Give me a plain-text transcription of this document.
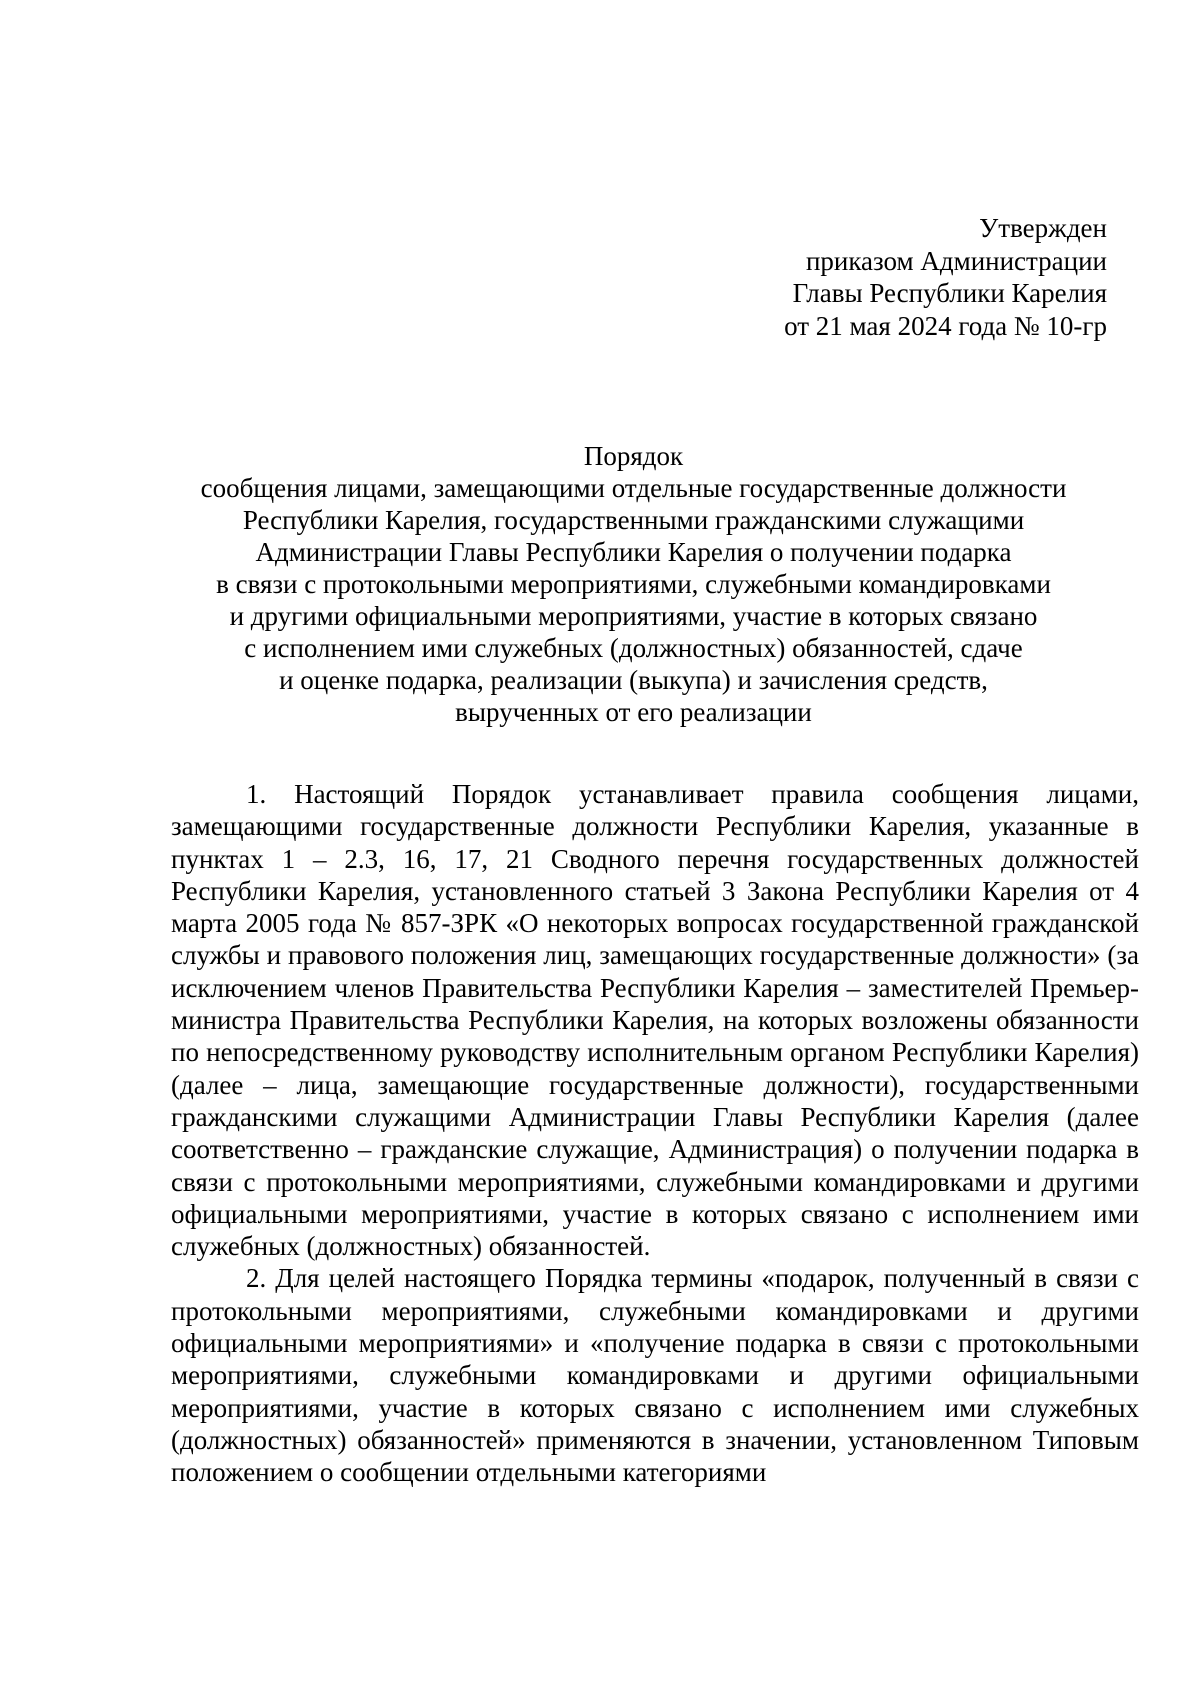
Утвержден
приказом Администрации
Главы Республики Карелия
от 21 мая 2024 года № 10-гр
Порядок
сообщения лицами, замещающими отдельные государственные должности
Республики Карелия, государственными гражданскими служащими
Администрации Главы Республики Карелия о получении подарка
в связи с протокольными мероприятиями, служебными командировками
и другими официальными мероприятиями, участие в которых связано
с исполнением ими служебных (должностных) обязанностей, сдаче
и оценке подарка, реализации (выкупа) и зачисления средств,
вырученных от его реализации

1. Настоящий Порядок устанавливает правила сообщения лицами, замещающими государственные должности Республики Карелия, указанные в пунктах 1 – 2.3, 16, 17, 21 Сводного перечня государственных должностей Республики Карелия, установленного статьей 3 Закона Республики Карелия от 4 марта 2005 года № 857-ЗРК «О некоторых вопросах государственной гражданской службы и правового положения лиц, замещающих государственные должности» (за исключением членов Правительства Республики Карелия – заместителей Премьер-министра Правительства Республики Карелия, на которых возложены обязанности по непосредственному руководству исполнительным органом Республики Карелия) (далее – лица, замещающие государственные должности), государственными гражданскими служащими Администрации Главы Республики Карелия (далее соответственно – гражданские служащие, Администрация) о получении подарка в связи с протокольными мероприятиями, служебными командировками и другими официальными мероприятиями, участие в которых связано с исполнением ими служебных (должностных) обязанностей.

2. Для целей настоящего Порядка термины «подарок, полученный в связи с протокольными мероприятиями, служебными командировками и другими официальными мероприятиями» и «получение подарка в связи с протокольными мероприятиями, служебными командировками и другими официальными мероприятиями, участие в которых связано с исполнением ими служебных (должностных) обязанностей» применяются в значении, установленном Типовым положением о сообщении отдельными категориями
